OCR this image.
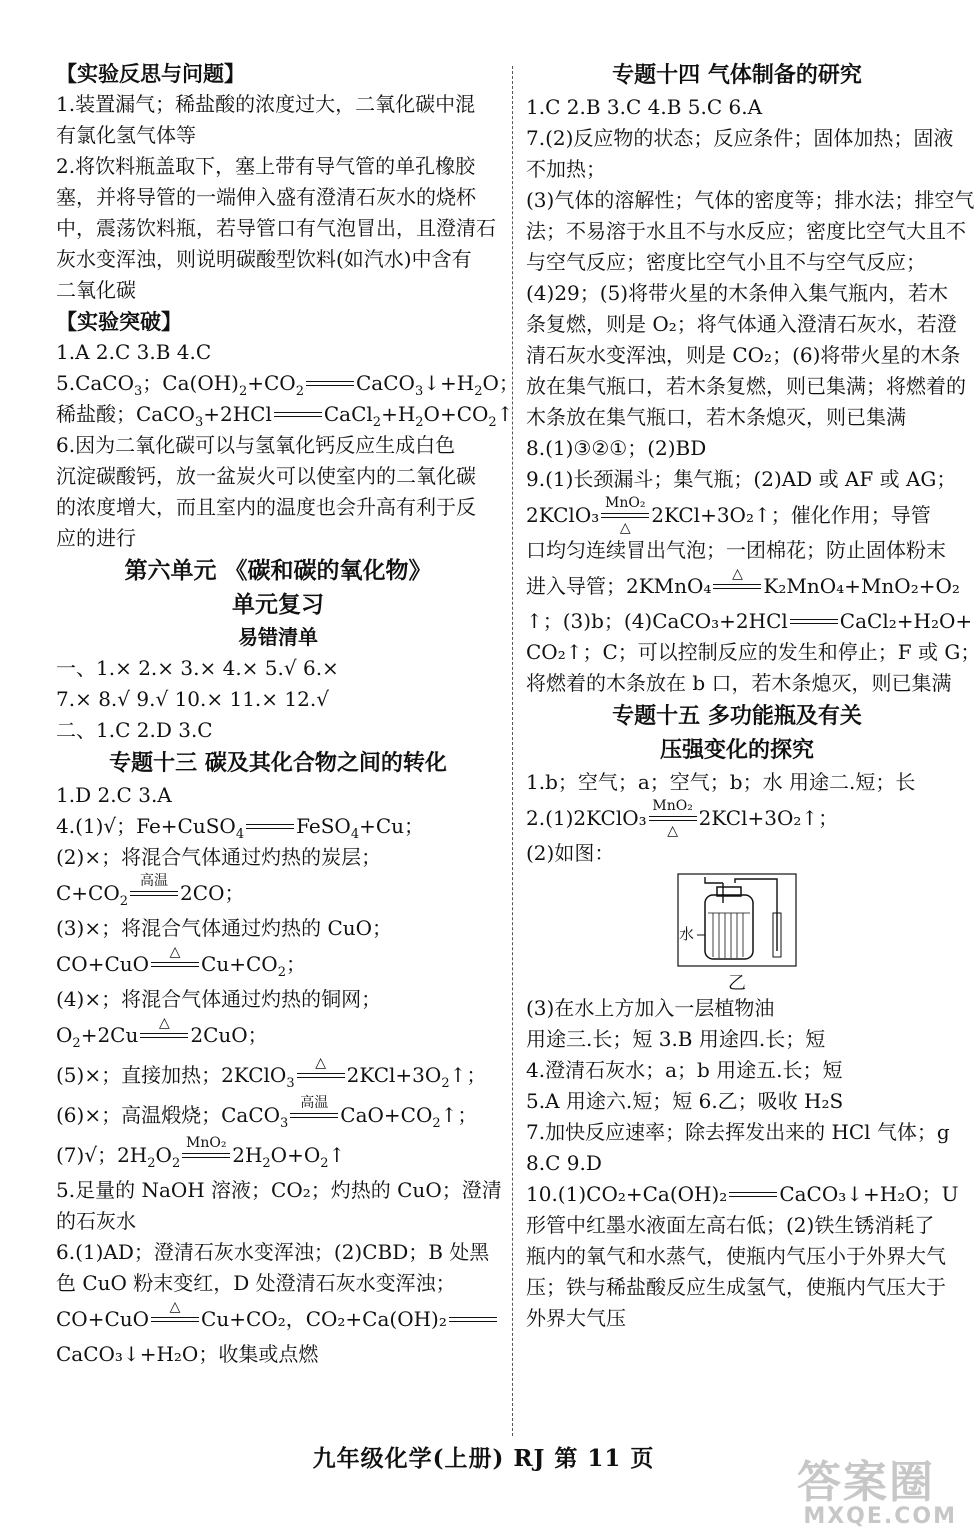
【实验反思与问题】
1.装置漏气；稀盐酸的浓度过大，二氧化碳中混
有氯化氢气体等
2.将饮料瓶盖取下，塞上带有导气管的单孔橡胶
塞，并将导管的一端伸入盛有澄清石灰水的烧杯
中，震荡饮料瓶，若导管口有气泡冒出，且澄清石
灰水变浑浊，则说明碳酸型饮料(如汽水)中含有
二氧化碳
【实验突破】
1.A 2.C 3.B 4.C
5.CaCO$_3$；$Ca(OH)_2+CO_2$	$CaCO_3↓+H_2O$；
稀盐酸；CaCO$_3$+2HCl	$CaCl_2+H_2O+CO_2↑$
6.因为二氧化碳可以与氢氧化钙反应生成白色
沉淀碳酸钙，放一盆炭火可以使室内的二氧化碳
的浓度增大，而且室内的温度也会升高有利于反
应的进行
第六单元 《碳和碳的氧化物》
单元复习
易错清单
一、1.× 2.× 3.× 4.× 5.√ 6.×
7.× 8.√ 9.√ 10.× 11.× 12.√
二、1.C 2.D 3.C
专题十三 碳及其化合物之间的转化
1.D 2.C 3.A
4.(1)√；Fe+CuSO$_4$	FeSO$_4$+Cu；
(2)×；将混合气体通过灼热的炭层；
$C+CO_2$
高温
2CO；
(3)×；将混合气体通过灼热的 CuO；
CO+CuO
△
$Cu+CO_2$；
(4)×；将混合气体通过灼热的铜网；
$O_2+2Cu$
△
2CuO；
(5)×；直接加热；2KClO$_3$
△
$2KCl+3O_2↑$；
(6)×；高温煅烧；CaCO$_3$
高温
$CaO+CO_2↑$；
(7)√；$2H_2O_2$
MnO₂
$2H_2O+O_2↑$
5.足量的 NaOH 溶液；CO₂；灼热的 CuO；澄清
的石灰水
6.(1)AD；澄清石灰水变浑浊；(2)CBD；B 处黑
色 CuO 粉末变红，D 处澄清石灰水变浑浊；
CO+CuO
△
Cu+CO₂，CO₂+Ca(OH)₂
CaCO₃↓+H₂O；收集或点燃
专题十四 气体制备的研究
1.C 2.B 3.C 4.B 5.C 6.A
7.(2)反应物的状态；反应条件；固体加热；固液
不加热；
(3)气体的溶解性；气体的密度等；排水法；排空气
法；不易溶于水且不与水反应；密度比空气大且不
与空气反应；密度比空气小且不与空气反应；
(4)29；(5)将带火星的木条伸入集气瓶内，若木
条复燃，则是 O₂；将气体通入澄清石灰水，若澄
清石灰水变浑浊，则是 CO₂；(6)将带火星的木条
放在集气瓶口，若木条复燃，则已集满；将燃着的
木条放在集气瓶口，若木条熄灭，则已集满
8.(1)③②①；(2)BD
9.(1)长颈漏斗；集气瓶；(2)AD 或 AF 或 AG；
2KClO₃
MnO₂
△
2KCl+3O₂↑；催化作用；导管
口均匀连续冒出气泡；一团棉花；防止固体粉末
进入导管；2KMnO₄
△
K₂MnO₄+MnO₂+O₂
↑；(3)b；(4)CaCO₃+2HCl	CaCl₂+H₂O+
CO₂↑；C；可以控制反应的发生和停止；F 或 G；
将燃着的木条放在 b 口，若木条熄灭，则已集满
专题十五 多功能瓶及有关
压强变化的探究
1.b；空气；a；空气；b；水 用途二.短；长
2.(1)2KClO₃
MnO₂
△
2KCl+3O₂↑；
(2)如图：
水
乙
(3)在水上方加入一层植物油
用途三.长；短 3.B 用途四.长；短
4.澄清石灰水；a；b 用途五.长；短
5.A 用途六.短；短 6.乙；吸收 H₂S
7.加快反应速率；除去挥发出来的 HCl 气体；g
8.C 9.D
10.(1)CO₂+Ca(OH)₂	CaCO₃↓+H₂O；U
形管中红墨水液面左高右低；(2)铁生锈消耗了
瓶内的氧气和水蒸气，使瓶内气压小于外界大气
压；铁与稀盐酸反应生成氢气，使瓶内气压大于
外界大气压
九年级化学(上册) RJ 第 11 页	答案圈
MXQE.COM
